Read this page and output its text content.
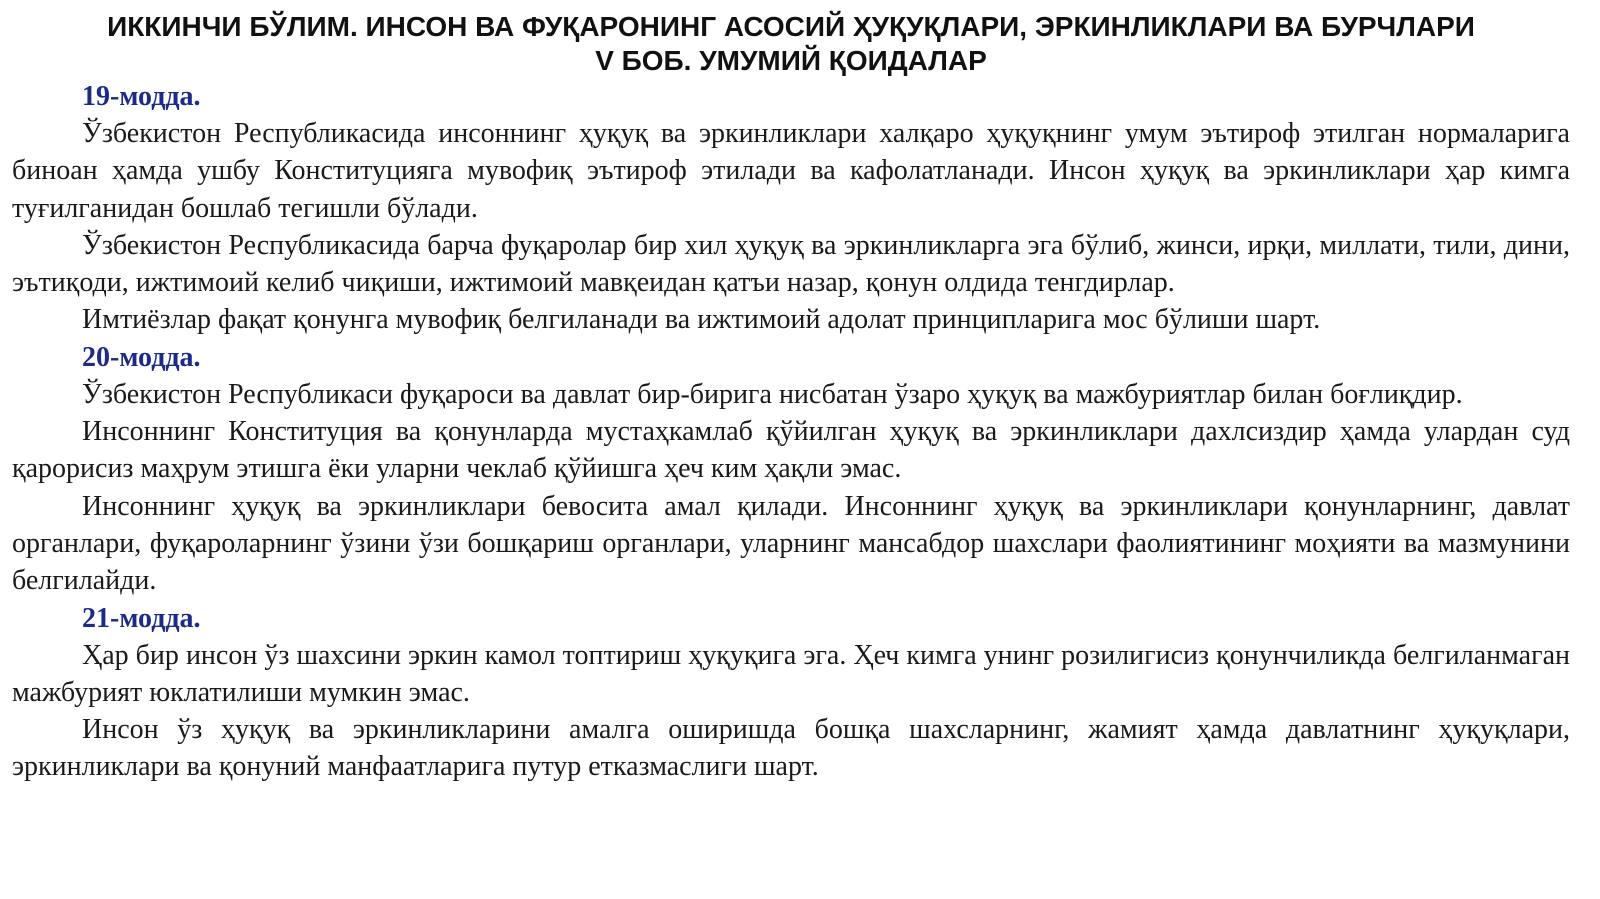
ИККИНЧИ БЎЛИМ. ИНСОН ВА ФУҚАРОНИНГ АСОСИЙ ҲУҚУҚЛАРИ, ЭРКИНЛИКЛАРИ ВА БУРЧЛАРИ
V БОБ. УМУМИЙ ҚОИДАЛАР

19-модда.

Ўзбекистон Республикасида инсоннинг ҳуқуқ ва эркинликлари халқаро ҳуқуқнинг умум эътироф этилган нормаларига биноан ҳамда ушбу Конституцияга мувофиқ эътироф этилади ва кафолатланади. Инсон ҳуқуқ ва эркинликлари ҳар кимга туғилганидан бошлаб тегишли бўлади.

Ўзбекистон Республикасида барча фуқаролар бир хил ҳуқуқ ва эркинликларга эга бўлиб, жинси, ирқи, миллати, тили, дини, эътиқоди, ижтимоий келиб чиқиши, ижтимоий мавқеидан қатъи назар, қонун олдида тенгдирлар.

Имтиёзлар фақат қонунга мувофиқ белгиланади ва ижтимоий адолат принципларига мос бўлиши шарт.

20-модда.

Ўзбекистон Республикаси фуқароси ва давлат бир-бирига нисбатан ўзаро ҳуқуқ ва мажбуриятлар билан боғлиқдир.

Инсоннинг Конституция ва қонунларда мустаҳкамлаб қўйилган ҳуқуқ ва эркинликлари дахлсиздир ҳамда улардан суд қарорисиз маҳрум этишга ёки уларни чеклаб қўйишга ҳеч ким ҳақли эмас.

Инсоннинг ҳуқуқ ва эркинликлари бевосита амал қилади. Инсоннинг ҳуқуқ ва эркинликлари қонунларнинг, давлат органлари, фуқароларнинг ўзини ўзи бошқариш органлари, уларнинг мансабдор шахслари фаолиятининг моҳияти ва мазмунини белгилайди.

21-модда.

Ҳар бир инсон ўз шахсини эркин камол топтириш ҳуқуқига эга. Ҳеч кимга унинг розилигисиз қонунчиликда белгиланмаган мажбурият юклатилиши мумкин эмас.

Инсон ўз ҳуқуқ ва эркинликларини амалга оширишда бошқа шахсларнинг, жамият ҳамда давлатнинг ҳуқуқлари, эркинликлари ва қонуний манфаатларига путур етказмаслиги шарт.
